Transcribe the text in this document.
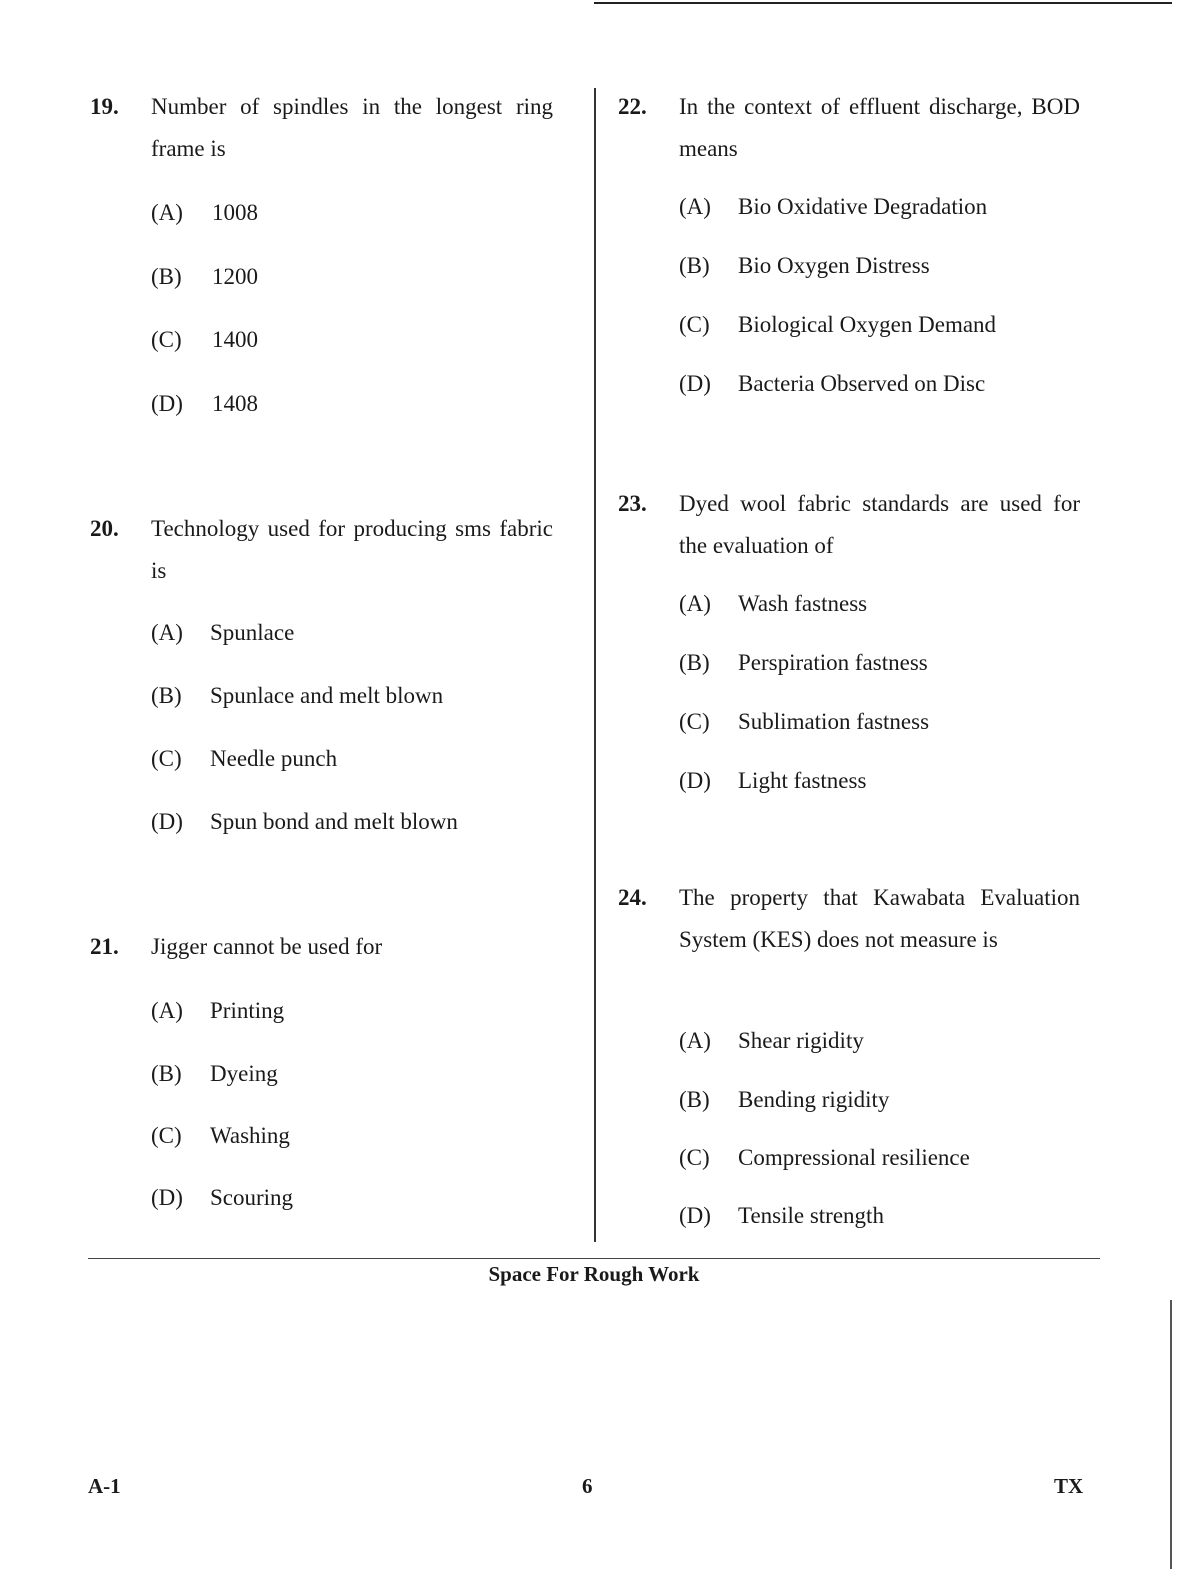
19. Number of spindles in the longest ring frame is
(A) 1008
(B) 1200
(C) 1400
(D) 1408
20. Technology used for producing sms fabric is
(A) Spunlace
(B) Spunlace and melt blown
(C) Needle punch
(D) Spun bond and melt blown
21. Jigger cannot be used for
(A) Printing
(B) Dyeing
(C) Washing
(D) Scouring
22. In the context of effluent discharge, BOD means
(A) Bio Oxidative Degradation
(B) Bio Oxygen Distress
(C) Biological Oxygen Demand
(D) Bacteria Observed on Disc
23. Dyed wool fabric standards are used for the evaluation of
(A) Wash fastness
(B) Perspiration fastness
(C) Sublimation fastness
(D) Light fastness
24. The property that Kawabata Evaluation System (KES) does not measure is
(A) Shear rigidity
(B) Bending rigidity
(C) Compressional resilience
(D) Tensile strength
Space For Rough Work
A-1	6	TX
